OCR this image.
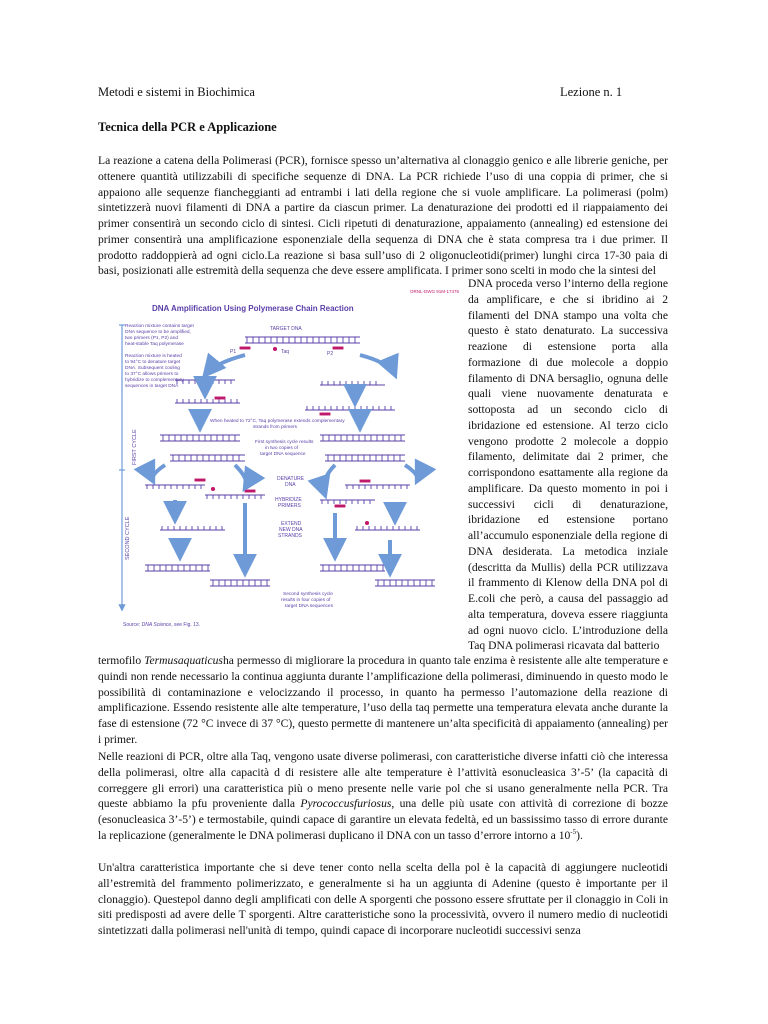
Metodi e sistemi in Biochimica	Lezione n. 1
Tecnica della PCR e Applicazione

La reazione a catena della Polimerasi (PCR), fornisce spesso un’alternativa al clonaggio genico e alle librerie geniche, per ottenere quantità utilizzabili di specifiche sequenze di DNA. La PCR richiede l’uso di una coppia di primer, che si appaiono alle sequenze fiancheggianti ad entrambi i lati della regione che si vuole amplificare. La polimerasi (polm) sintetizzerà nuovi filamenti di DNA a partire da ciascun primer. La denaturazione dei prodotti ed il riappaiamento dei primer consentirà un secondo ciclo di sintesi. Cicli ripetuti di denaturazione, appaiamento (annealing) ed estensione dei primer consentirà una amplificazione esponenziale della sequenza di DNA che è stata compresa tra i due primer. Il prodotto raddoppierà ad ogni ciclo.La reazione si basa sull’uso di 2 oligonucleotidi(primer) lunghi circa 17-30 paia di basi, posizionati alle estremità della sequenza che deve essere amplificata. I primer sono scelti in modo che la sintesi del

ORNL-DWG 91M-17476
DNA Amplification Using Polymerase Chain Reaction
Reaction mixture contains target
DNA sequence to be amplified,
two primers (P1, P2) and
heat-stable Taq polymerase
Reaction mixture is heated
to 94°C to denature target
DNA. Subsequent cooling
to 37°C allows primers to
hybridize to complementary
sequences in target DNA
TARGET DNA
P1	Taq	P2
FIRST CYCLE
SECOND CYCLE
When heated to 72°C, Taq polymerase extends complementary
strands from primers
First synthesis cycle results
in two copies of
target DNA sequence
DENATURE
DNA
HYBRIDIZE
PRIMERS
EXTEND
NEW DNA
STRANDS
Second synthesis cycle
results in four copies of
target DNA sequences
Source: DNA Science, see Fig. 13.

DNA proceda verso l’interno della regione da amplificare, e che si ibridino ai 2 filamenti del DNA stampo una volta che questo è stato denaturato. La successiva reazione di estensione porta alla formazione di due molecole a doppio filamento di DNA bersaglio, ognuna delle quali viene nuovamente denaturata e sottoposta ad un secondo ciclo di ibridazione ed estensione. Al terzo ciclo vengono prodotte 2 molecole a doppio filamento, delimitate dai 2 primer, che corrispondono esattamente alla regione da amplificare. Da questo momento in poi i successivi cicli di denaturazione, ibridazione ed estensione portano all’accumulo esponenziale della regione di DNA desiderata. La metodica inziale (descritta da Mullis) della PCR utilizzava il frammento di Klenow della DNA pol di E.coli che però, a causa del passaggio ad alta temperatura, doveva essere riaggiunta ad ogni nuovo ciclo. L’introduzione della Taq DNA polimerasi ricavata dal batterio

termofilo Termusaquaticusha permesso di migliorare la procedura in quanto tale enzima è resistente alle alte temperature e quindi non rende necessario la continua aggiunta durante l’amplificazione della polimerasi, diminuendo in questo modo le possibilità di contaminazione e velocizzando il processo, in quanto ha permesso l’automazione della reazione di amplificazione. Essendo resistente alle alte temperature, l’uso della taq permette una temperatura elevata anche durante la fase di estensione (72 °C invece di 37 °C), questo permette di mantenere un’alta specificità di appaiamento (annealing) per i primer.

Nelle reazioni di PCR, oltre alla Taq, vengono usate diverse polimerasi, con caratteristiche diverse infatti ciò che interessa della polimerasi, oltre alla capacità d di resistere alle alte temperature è l’attività esonucleasica 3’-5’ (la capacità di correggere gli errori) una caratteristica più o meno presente nelle varie pol che si usano generalmente nella PCR. Tra queste abbiamo la pfu proveniente dalla Pyrococcusfuriosus, una delle più usate con attività di correzione di bozze (esonucleasica 3’-5’) e termostabile, quindi capace di garantire un elevata fedeltà, ed un bassissimo tasso di errore durante la replicazione (generalmente le DNA polimerasi duplicano il DNA con un tasso d’errore intorno a $10^{-5}$).

Un'altra caratteristica importante che si deve tener conto nella scelta della pol è la capacità di aggiungere nucleotidi all’estremità del frammento polimerizzato, e generalmente si ha un aggiunta di Adenine (questo è importante per il clonaggio). Questepol danno degli amplificati con delle A sporgenti che possono essere sfruttate per il clonaggio in Coli in siti predisposti ad avere delle T sporgenti. Altre caratteristiche sono la processività, ovvero il numero medio di nucleotidi sintetizzati dalla polimerasi nell'unità di tempo, quindi capace di incorporare nucleotidi successivi senza
